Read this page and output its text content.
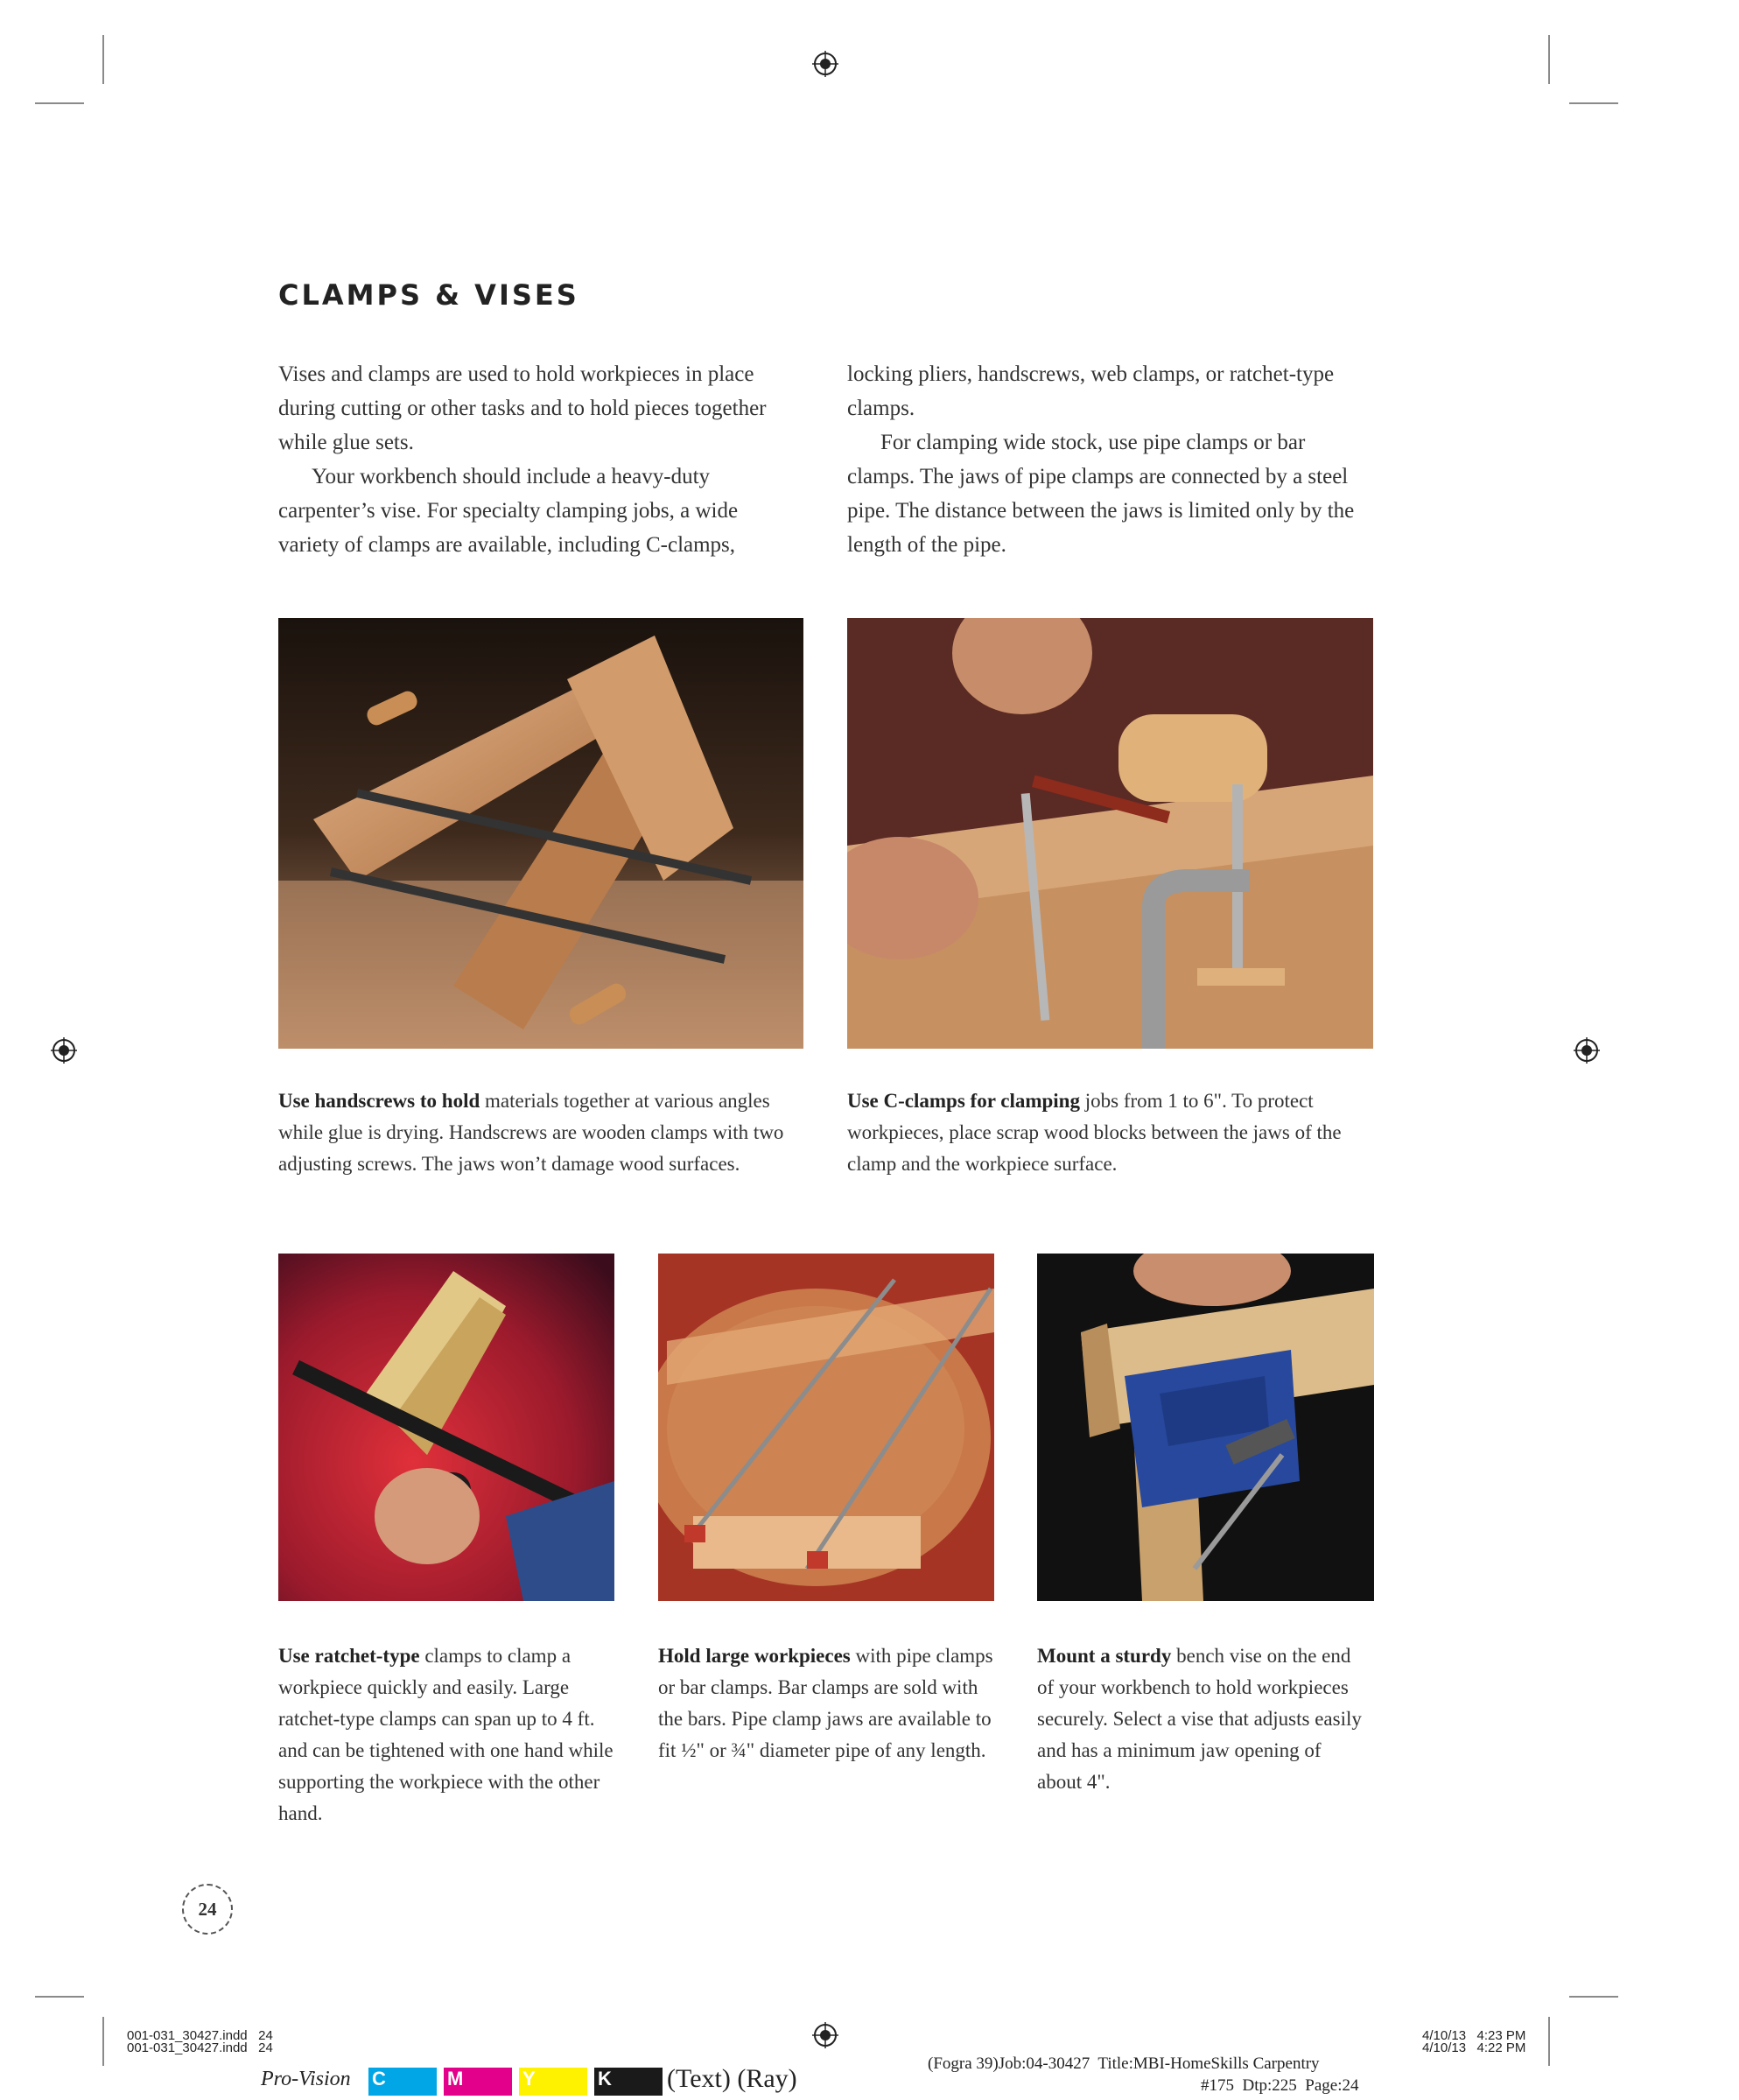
CLAMPS & VISES

Vises and clamps are used to hold workpieces in place during cutting or other tasks and to hold pieces together while glue sets.

Your workbench should include a heavy-duty carpenter’s vise. For specialty clamping jobs, a wide variety of clamps are available, including C-clamps,

locking pliers, handscrews, web clamps, or ratchet-type clamps.

For clamping wide stock, use pipe clamps or bar clamps. The jaws of pipe clamps are connected by a steel pipe. The distance between the jaws is limited only by the length of the pipe.

Use handscrews to hold materials together at various angles while glue is drying. Handscrews are wooden clamps with two adjusting screws. The jaws won’t damage wood surfaces.
Use C-clamps for clamping jobs from 1 to 6". To protect workpieces, place scrap wood blocks between the jaws of the clamp and the workpiece surface.
Use ratchet-type clamps to clamp a workpiece quickly and easily. Large ratchet-type clamps can span up to 4 ft. and can be tightened with one hand while supporting the workpiece with the other hand.
Hold large workpieces with pipe clamps or bar clamps. Bar clamps are sold with the bars. Pipe clamp jaws are available to fit ½" or ¾" diameter pipe of any length.
Mount a sturdy bench vise on the end of your workbench to hold workpieces securely. Select a vise that adjusts easily and has a minimum jaw opening of about 4".
24
001-031_30427.indd   24
001-031_30427.indd   24
4/10/13   4:23 PM
4/10/13   4:22 PM
Pro-Vision C	M	Y	K (Text) (Ray)
(Fogra 39)Job:04-30427  Title:MBI-HomeSkills Carpentry
#175  Dtp:225  Page:24
